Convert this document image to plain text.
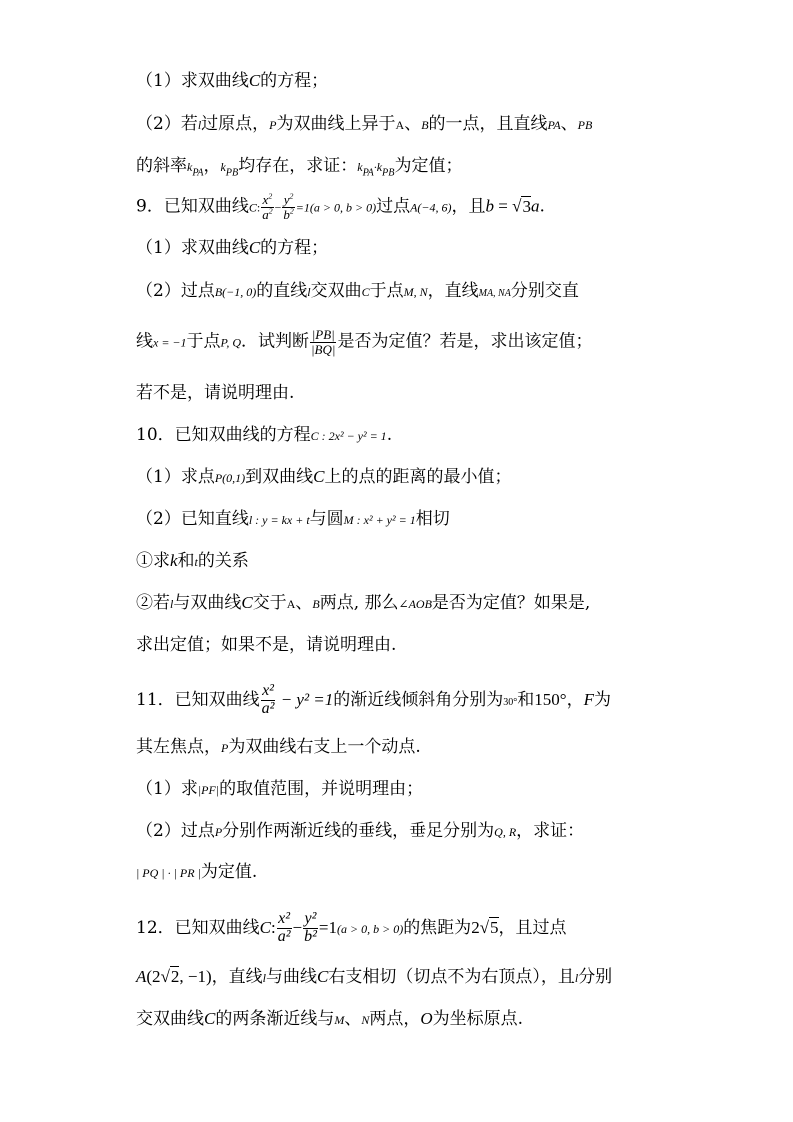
（1）求双曲线C的方程；
（2）若l过原点，P为双曲线上异于A、B的一点，且直线PA、PB
的斜率$k_{PA}$，$k_{PB}$均存在，求证：$k_{PA}\cdot k_{PB}$为定值；
9．已知双曲线C: $\frac{x^2}{a^2} - \frac{y^2}{b^2} =1(a > 0$, b > 0)过点A(−4, 6)，且b = √3a.
（1）求双曲线C的方程；
（2）过点B(−1, 0)的直线l交双曲C于点M, N，直线MA, NA分别交直
线x = −1于点P, Q．试判断 $\frac{|PB|}{|BQ|}$ 是否为定值？若是，求出该定值；
若不是，请说明理由.
10．已知双曲线的方程C : 2x² − y² = 1.
（1）求点P(0,1)到双曲线C上的点的距离的最小值；
（2）已知直线l : y = kx + t与圆M : x² + y² = 1相切
①求k和t的关系
②若l与双曲线C交于A、B两点, 那么∠AOB是否为定值？如果是,
求出定值；如果不是，请说明理由.
11．已知双曲线 $\frac{\text{x²}}{\text{a²}} - y^2 =1$的渐近线倾斜角分别为30°和150°，F为
其左焦点，P为双曲线右支上一个动点.
（1）求|PF|的取值范围，并说明理由；
（2）过点P分别作两渐近线的垂线，垂足分别为Q, R，求证：
| PQ | · | PR |为定值.
12．已知双曲线C: $\frac{\text{x²}}{\text{a²}} - \frac{\text{y²}}{\text{b²}} =1(a > 0$, b > 0)的焦距为2√5，且过点
A(2√2, −1)，直线l与曲线C右支相切（切点不为右顶点），且l分别
交双曲线C的两条渐近线与M、N两点，O为坐标原点.
